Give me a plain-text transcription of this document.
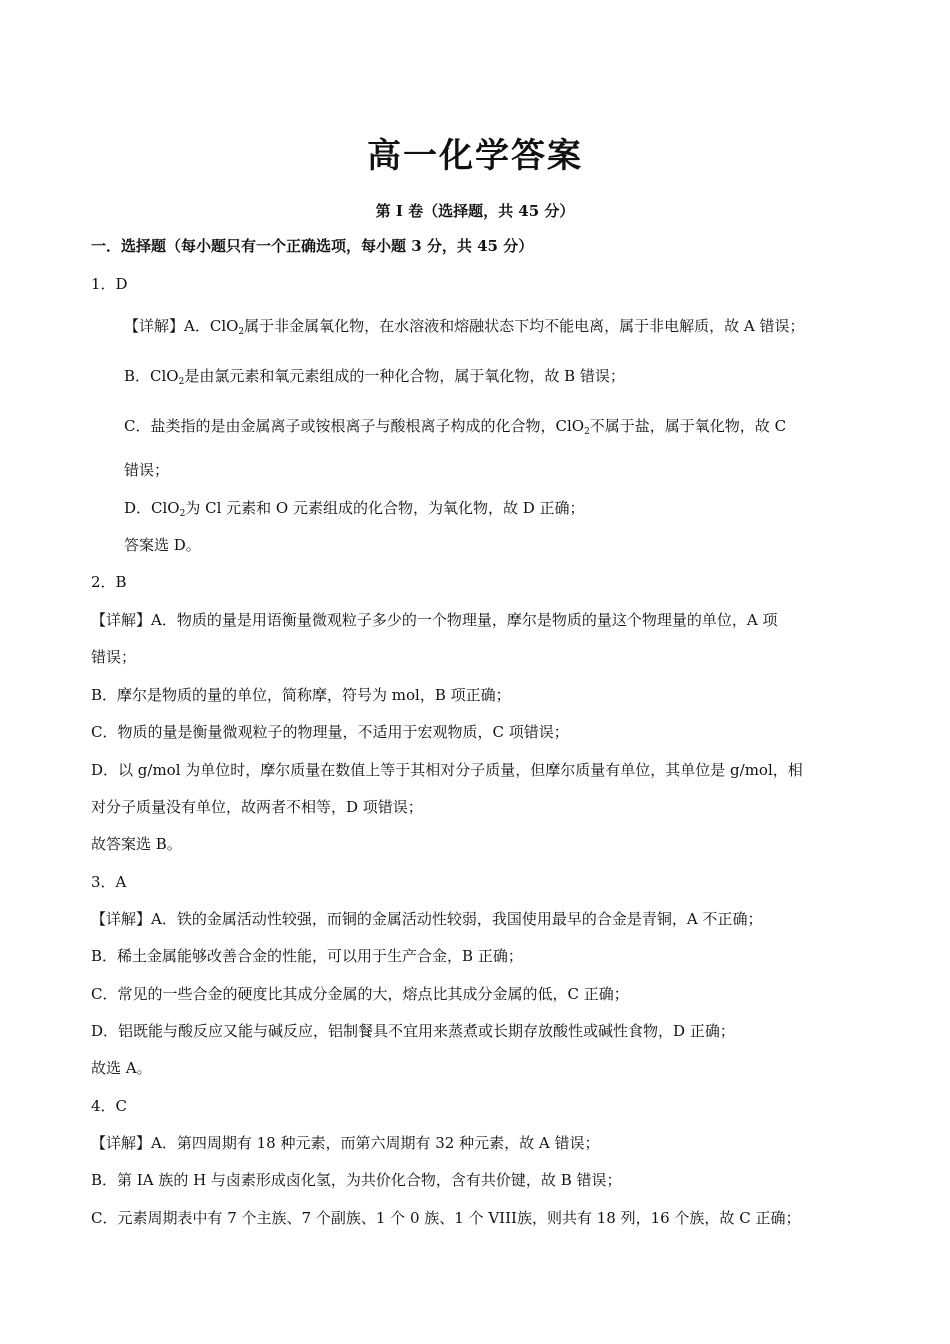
高一化学答案
第 I 卷（选择题，共 45 分）
一．选择题（每小题只有一个正确选项，每小题 3 分，共 45 分）
1．D
【详解】A．ClO$_2$属于非金属氧化物，在水溶液和熔融状态下均不能电离，属于非电解质，故 A 错误；
B．ClO$_2$是由氯元素和氧元素组成的一种化合物，属于氧化物，故 B 错误；
C．盐类指的是由金属离子或铵根离子与酸根离子构成的化合物，ClO$_2$不属于盐，属于氧化物，故 C
错误；
D．ClO$_2$为 Cl 元素和 O 元素组成的化合物，为氧化物，故 D 正确；
答案选 D。
2．B
【详解】A．物质的量是用语衡量微观粒子多少的一个物理量，摩尔是物质的量这个物理量的单位，A 项
错误；
B．摩尔是物质的量的单位，简称摩，符号为 mol，B 项正确；
C．物质的量是衡量微观粒子的物理量，不适用于宏观物质，C 项错误；
D．以 g/mol 为单位时，摩尔质量在数值上等于其相对分子质量，但摩尔质量有单位，其单位是 g/mol，相
对分子质量没有单位，故两者不相等，D 项错误；
故答案选 B。
3．A
【详解】A．铁的金属活动性较强，而铜的金属活动性较弱，我国使用最早的合金是青铜，A 不正确；
B．稀土金属能够改善合金的性能，可以用于生产合金，B 正确；
C．常见的一些合金的硬度比其成分金属的大，熔点比其成分金属的低，C 正确；
D．铝既能与酸反应又能与碱反应，铝制餐具不宜用来蒸煮或长期存放酸性或碱性食物，D 正确；
故选 A。
4．C
【详解】A．第四周期有 18 种元素，而第六周期有 32 种元素，故 A 错误；
B．第 IA 族的 H 与卤素形成卤化氢，为共价化合物，含有共价键，故 B 错误；
C．元素周期表中有 7 个主族、7 个副族、1 个 0 族、1 个 VIII族，则共有 18 列，16 个族，故 C 正确；
